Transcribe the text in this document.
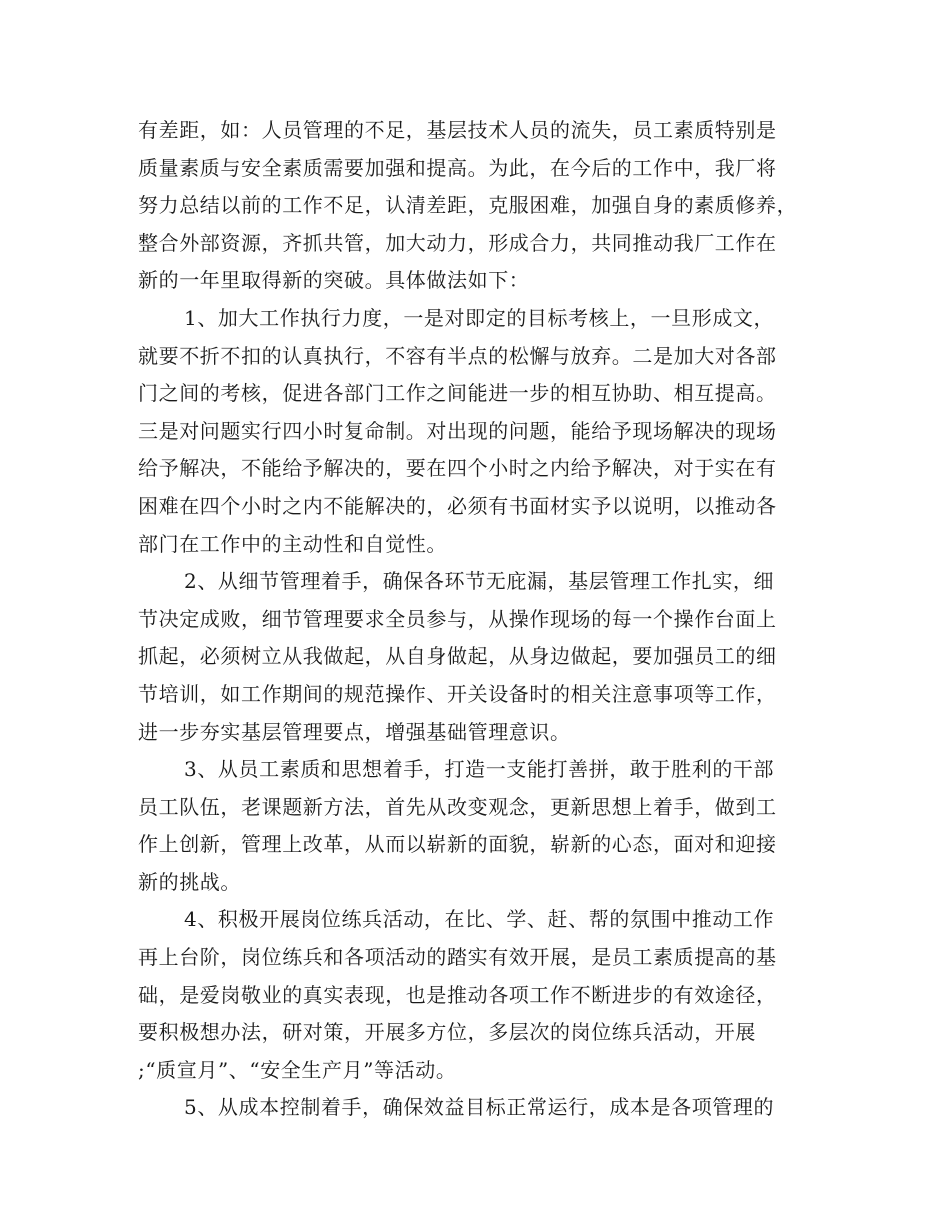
有差距，如：人员管理的不足，基层技术人员的流失，员工素质特别是
质量素质与安全素质需要加强和提高。为此，在今后的工作中，我厂将
努力总结以前的工作不足，认清差距，克服困难，加强自身的素质修养，
整合外部资源，齐抓共管，加大动力，形成合力，共同推动我厂工作在
新的一年里取得新的突破。具体做法如下：
1、加大工作执行力度，一是对即定的目标考核上，一旦形成文，
就要不折不扣的认真执行，不容有半点的松懈与放弃。二是加大对各部
门之间的考核，促进各部门工作之间能进一步的相互协助、相互提高。
三是对问题实行四小时复命制。对出现的问题，能给予现场解决的现场
给予解决，不能给予解决的，要在四个小时之内给予解决，对于实在有
困难在四个小时之内不能解决的，必须有书面材实予以说明，以推动各
部门在工作中的主动性和自觉性。
2、从细节管理着手，确保各环节无庇漏，基层管理工作扎实，细
节决定成败，细节管理要求全员参与，从操作现场的每一个操作台面上
抓起，必须树立从我做起，从自身做起，从身边做起，要加强员工的细
节培训，如工作期间的规范操作、开关设备时的相关注意事项等工作，
进一步夯实基层管理要点，增强基础管理意识。
3、从员工素质和思想着手，打造一支能打善拼，敢于胜利的干部
员工队伍，老课题新方法，首先从改变观念，更新思想上着手，做到工
作上创新，管理上改革，从而以崭新的面貌，崭新的心态，面对和迎接
新的挑战。
4、积极开展岗位练兵活动，在比、学、赶、帮的氛围中推动工作
再上台阶，岗位练兵和各项活动的踏实有效开展，是员工素质提高的基
础，是爱岗敬业的真实表现，也是推动各项工作不断进步的有效途径，
要积极想办法，研对策，开展多方位，多层次的岗位练兵活动，开展
;“质宣月”、“安全生产月”等活动。
5、从成本控制着手，确保效益目标正常运行，成本是各项管理的
